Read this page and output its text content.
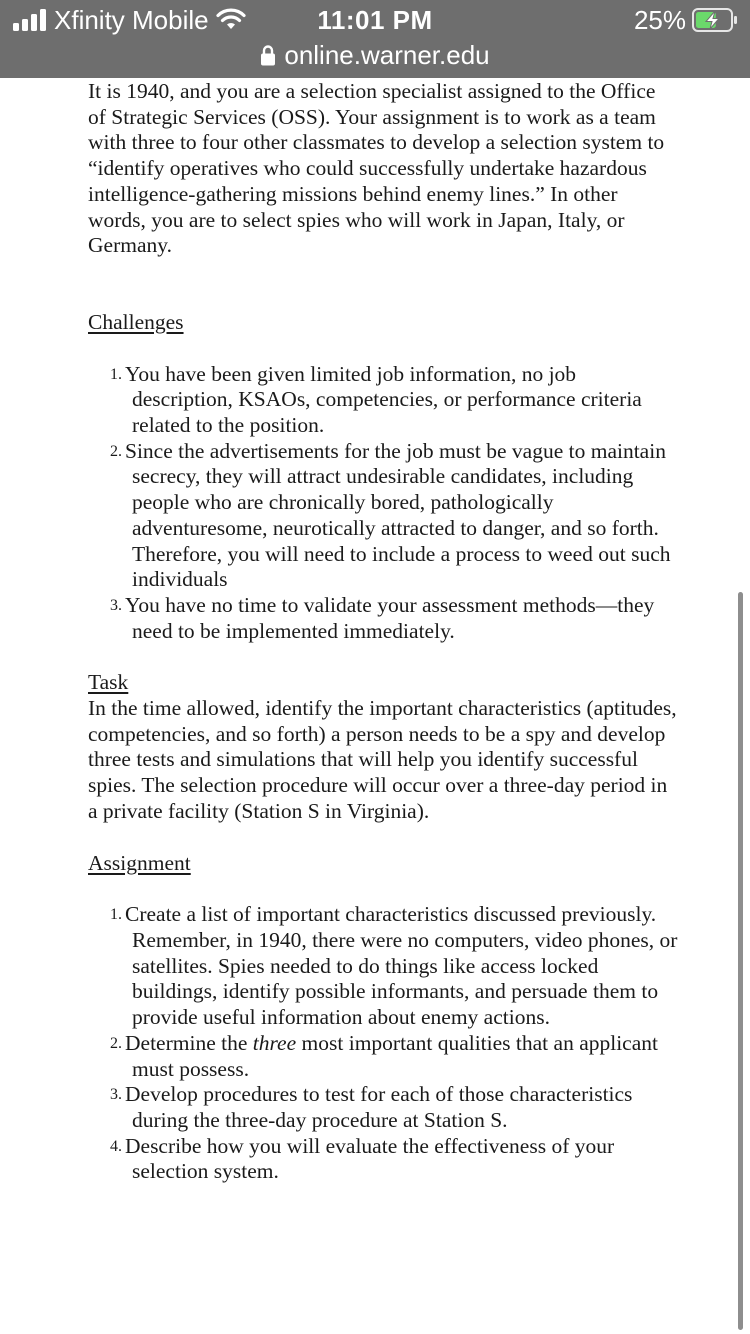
Xfinity Mobile	11:01 PM	25%
online.warner.edu

It is 1940, and you are a selection specialist assigned to the Office of Strategic Services (OSS). Your assignment is to work as a team with three to four other classmates to develop a selection system to “identify operatives who could successfully undertake hazardous intelligence-gathering missions behind enemy lines.” In other words, you are to select spies who will work in Japan, Italy, or Germany.

Challenges

1. You have been given limited job information, no job description, KSAOs, competencies, or performance criteria related to the position.
2. Since the advertisements for the job must be vague to maintain secrecy, they will attract undesirable candidates, including people who are chronically bored, pathologically adventuresome, neurotically attracted to danger, and so forth. Therefore, you will need to include a process to weed out such individuals
3. You have no time to validate your assessment methods—they need to be implemented immediately.

Task

In the time allowed, identify the important characteristics (aptitudes, competencies, and so forth) a person needs to be a spy and develop three tests and simulations that will help you identify successful spies. The selection procedure will occur over a three-day period in a private facility (Station S in Virginia).

Assignment

1. Create a list of important characteristics discussed previously. Remember, in 1940, there were no computers, video phones, or satellites. Spies needed to do things like access locked buildings, identify possible informants, and persuade them to provide useful information about enemy actions.
2. Determine the three most important qualities that an applicant must possess.
3. Develop procedures to test for each of those characteristics during the three-day procedure at Station S.
4. Describe how you will evaluate the effectiveness of your selection system.
